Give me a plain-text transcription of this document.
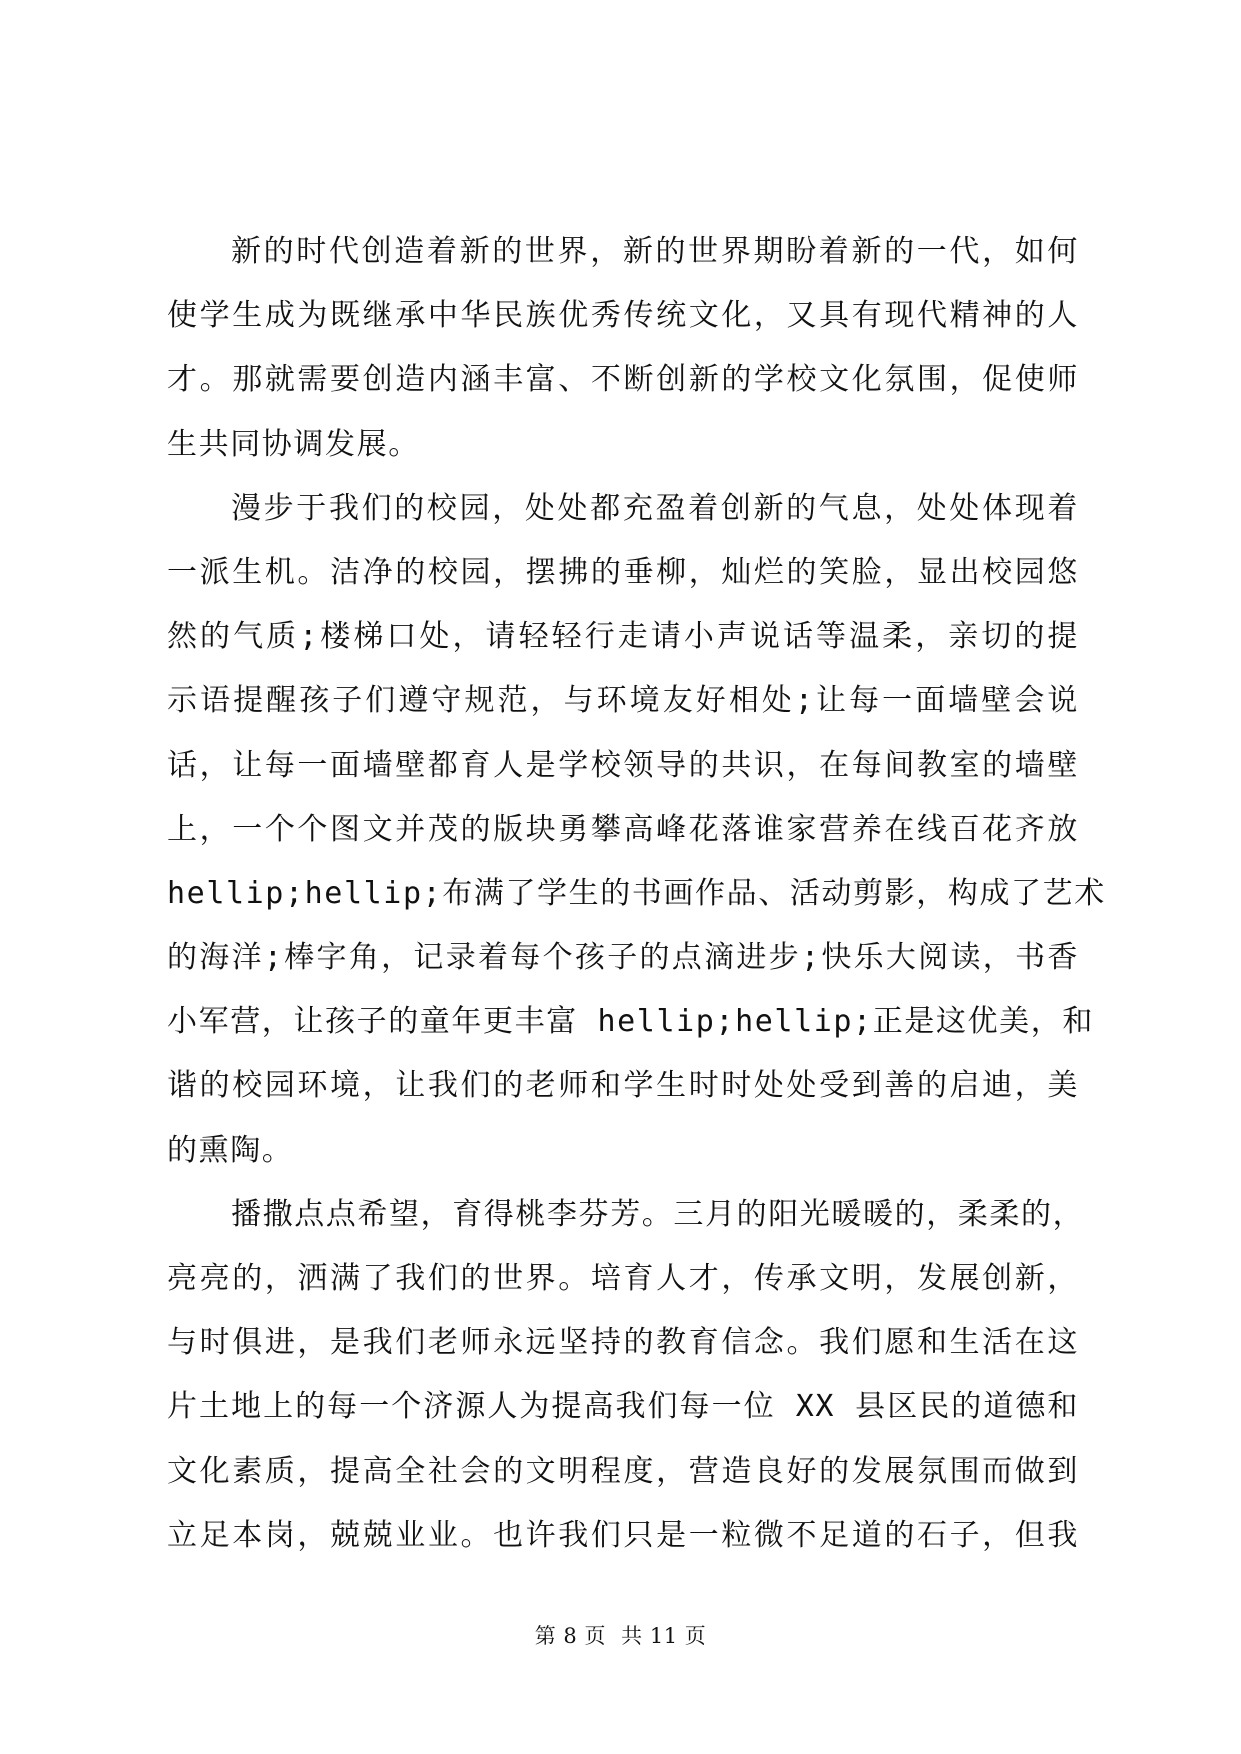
新的时代创造着新的世界，新的世界期盼着新的一代，如何
使学生成为既继承中华民族优秀传统文化，又具有现代精神的人
才。那就需要创造内涵丰富、不断创新的学校文化氛围，促使师
生共同协调发展。
漫步于我们的校园，处处都充盈着创新的气息，处处体现着
一派生机。洁净的校园，摆拂的垂柳，灿烂的笑脸，显出校园悠
然的气质;楼梯口处，请轻轻行走请小声说话等温柔，亲切的提
示语提醒孩子们遵守规范，与环境友好相处;让每一面墙壁会说
话，让每一面墙壁都育人是学校领导的共识，在每间教室的墙壁
上，一个个图文并茂的版块勇攀高峰花落谁家营养在线百花齐放
hellip;hellip;布满了学生的书画作品、活动剪影，构成了艺术
的海洋;棒字角，记录着每个孩子的点滴进步;快乐大阅读，书香
小军营，让孩子的童年更丰富 hellip;hellip;正是这优美，和
谐的校园环境，让我们的老师和学生时时处处受到善的启迪，美
的熏陶。
播撒点点希望，育得桃李芬芳。三月的阳光暖暖的，柔柔的，
亮亮的，洒满了我们的世界。培育人才，传承文明，发展创新，
与时俱进，是我们老师永远坚持的教育信念。我们愿和生活在这
片土地上的每一个济源人为提高我们每一位 XX 县区民的道德和
文化素质，提高全社会的文明程度，营造良好的发展氛围而做到
立足本岗，兢兢业业。也许我们只是一粒微不足道的石子，但我
第 8 页 共 11 页
